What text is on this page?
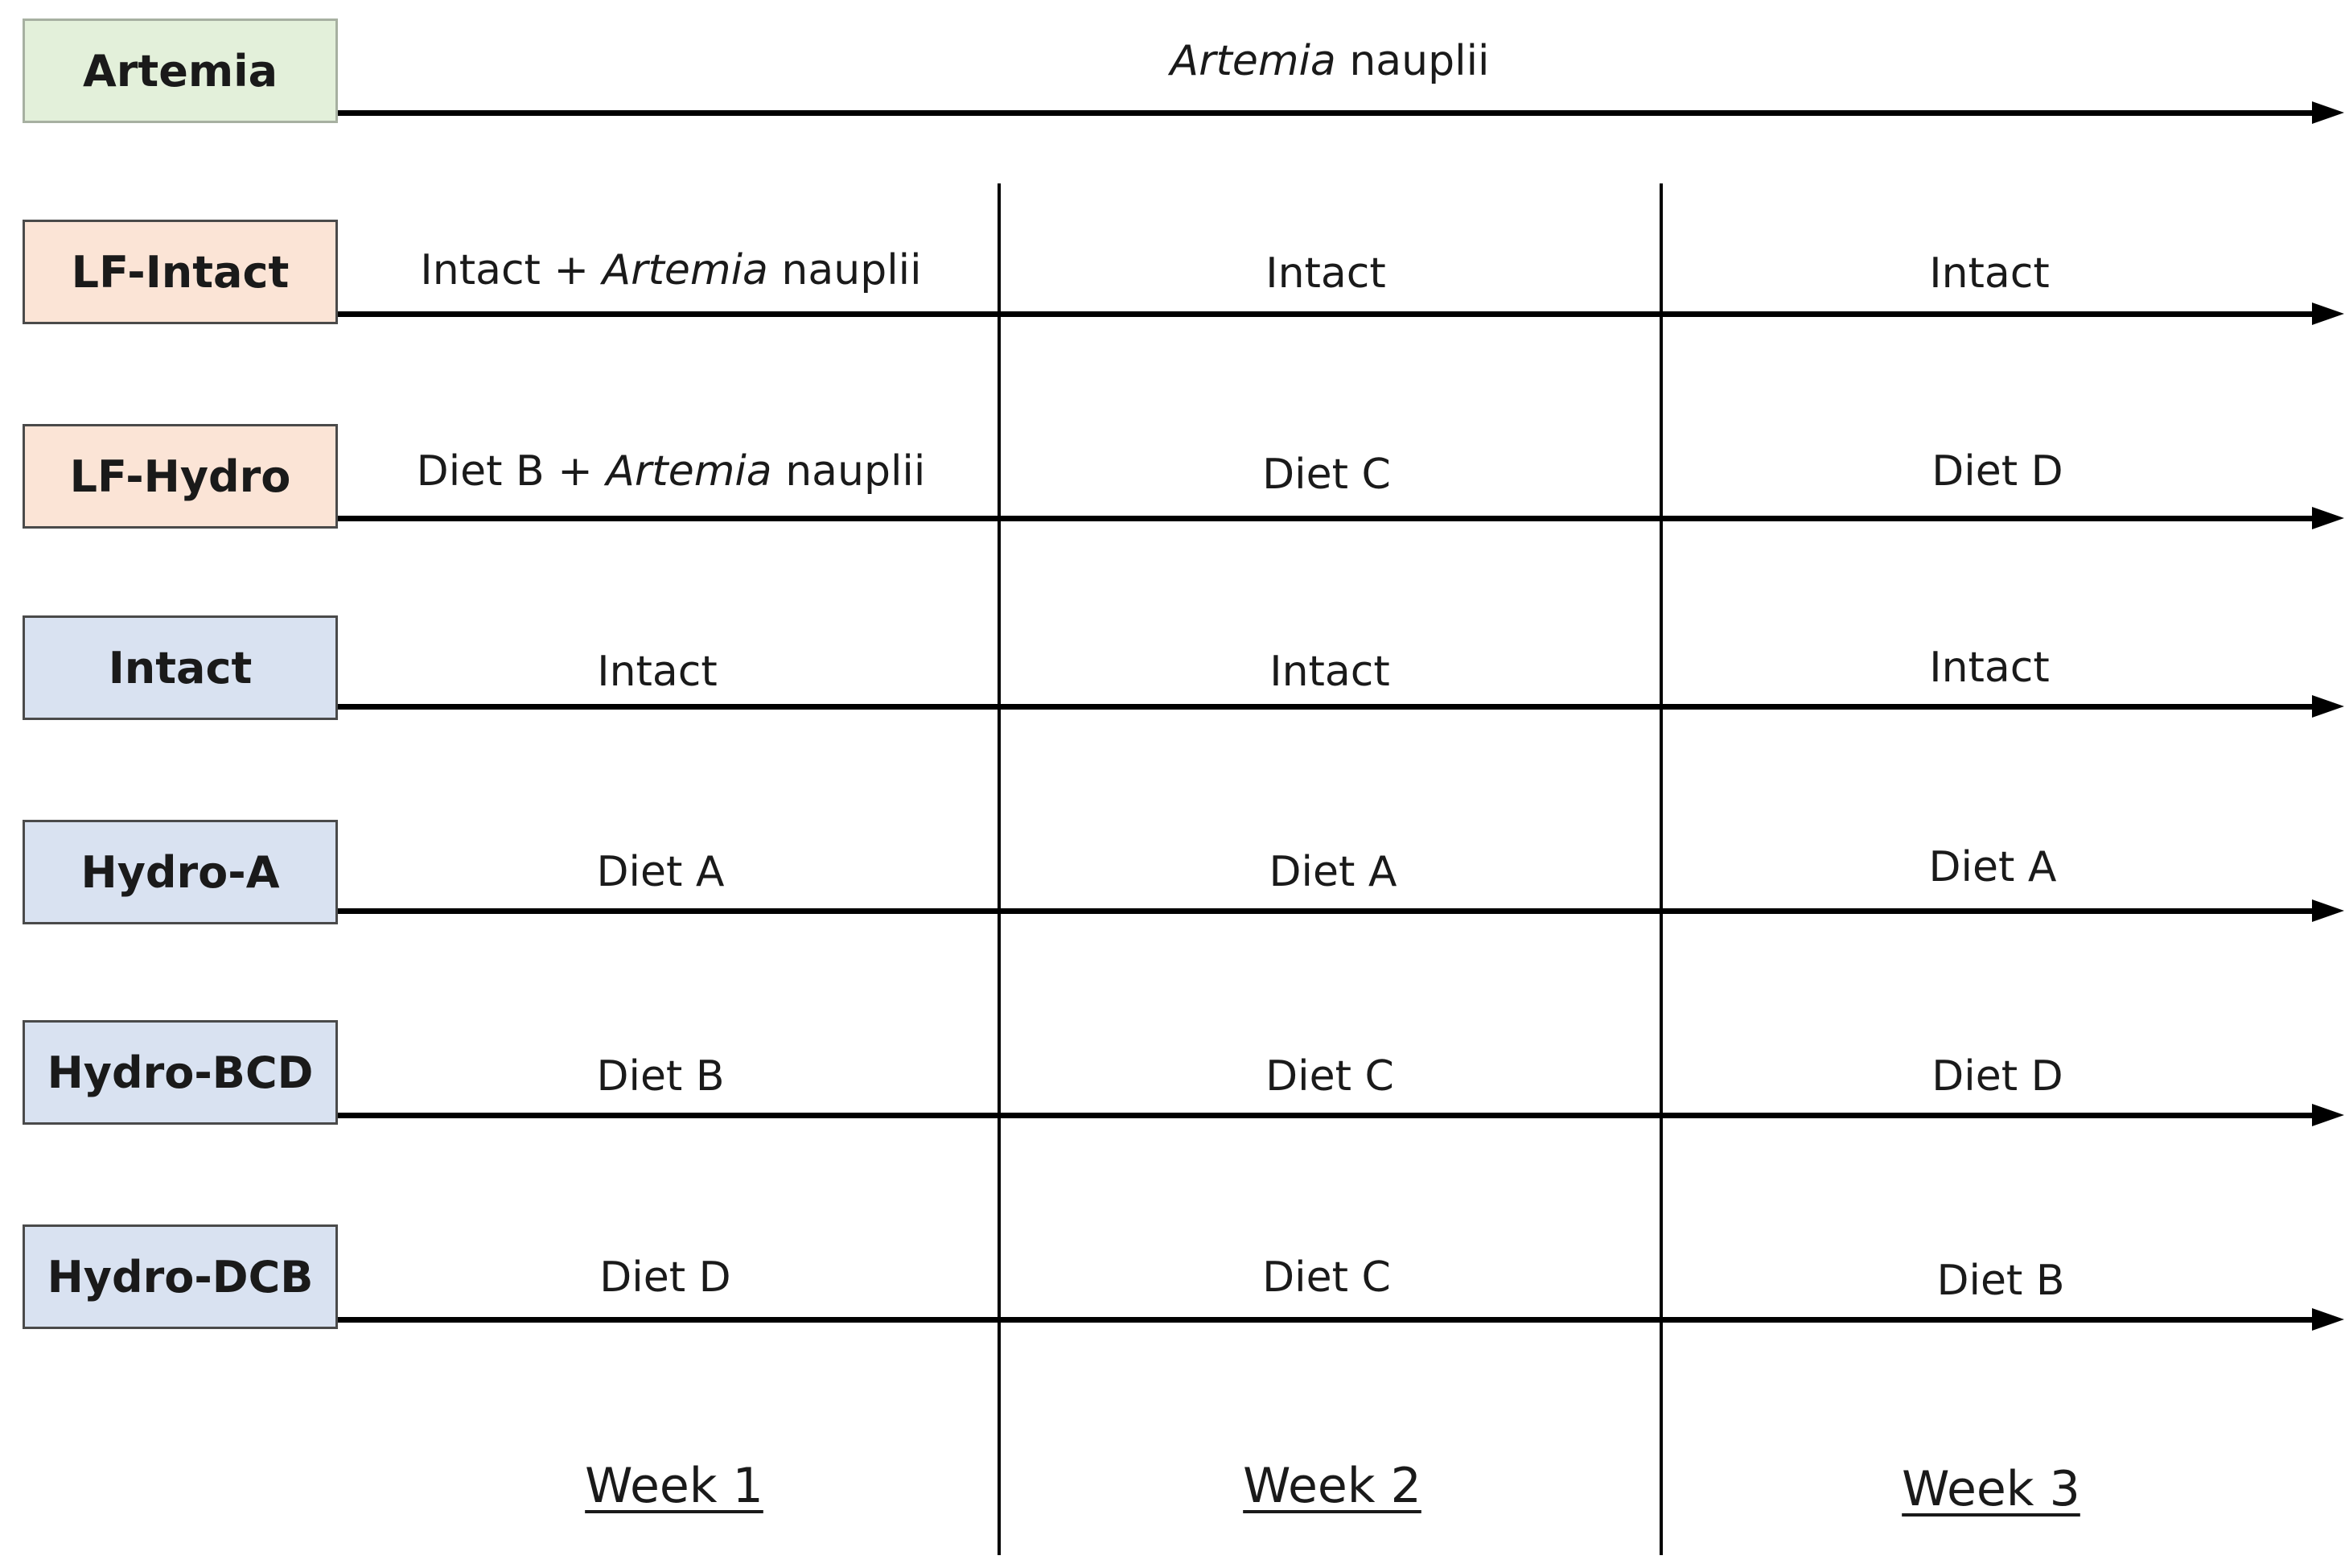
Artemia	Artemia nauplii
LF-Intact	Intact + Artemia nauplii	Intact	Intact
LF-Hydro	Diet B + Artemia nauplii	Diet C	Diet D
Intact	Intact	Intact	Intact
Hydro-A	Diet A	Diet A	Diet A
Hydro-BCD	Diet B	Diet C	Diet D
Hydro-DCB	Diet D	Diet C	Diet B
Week 1	Week 2	Week 3
